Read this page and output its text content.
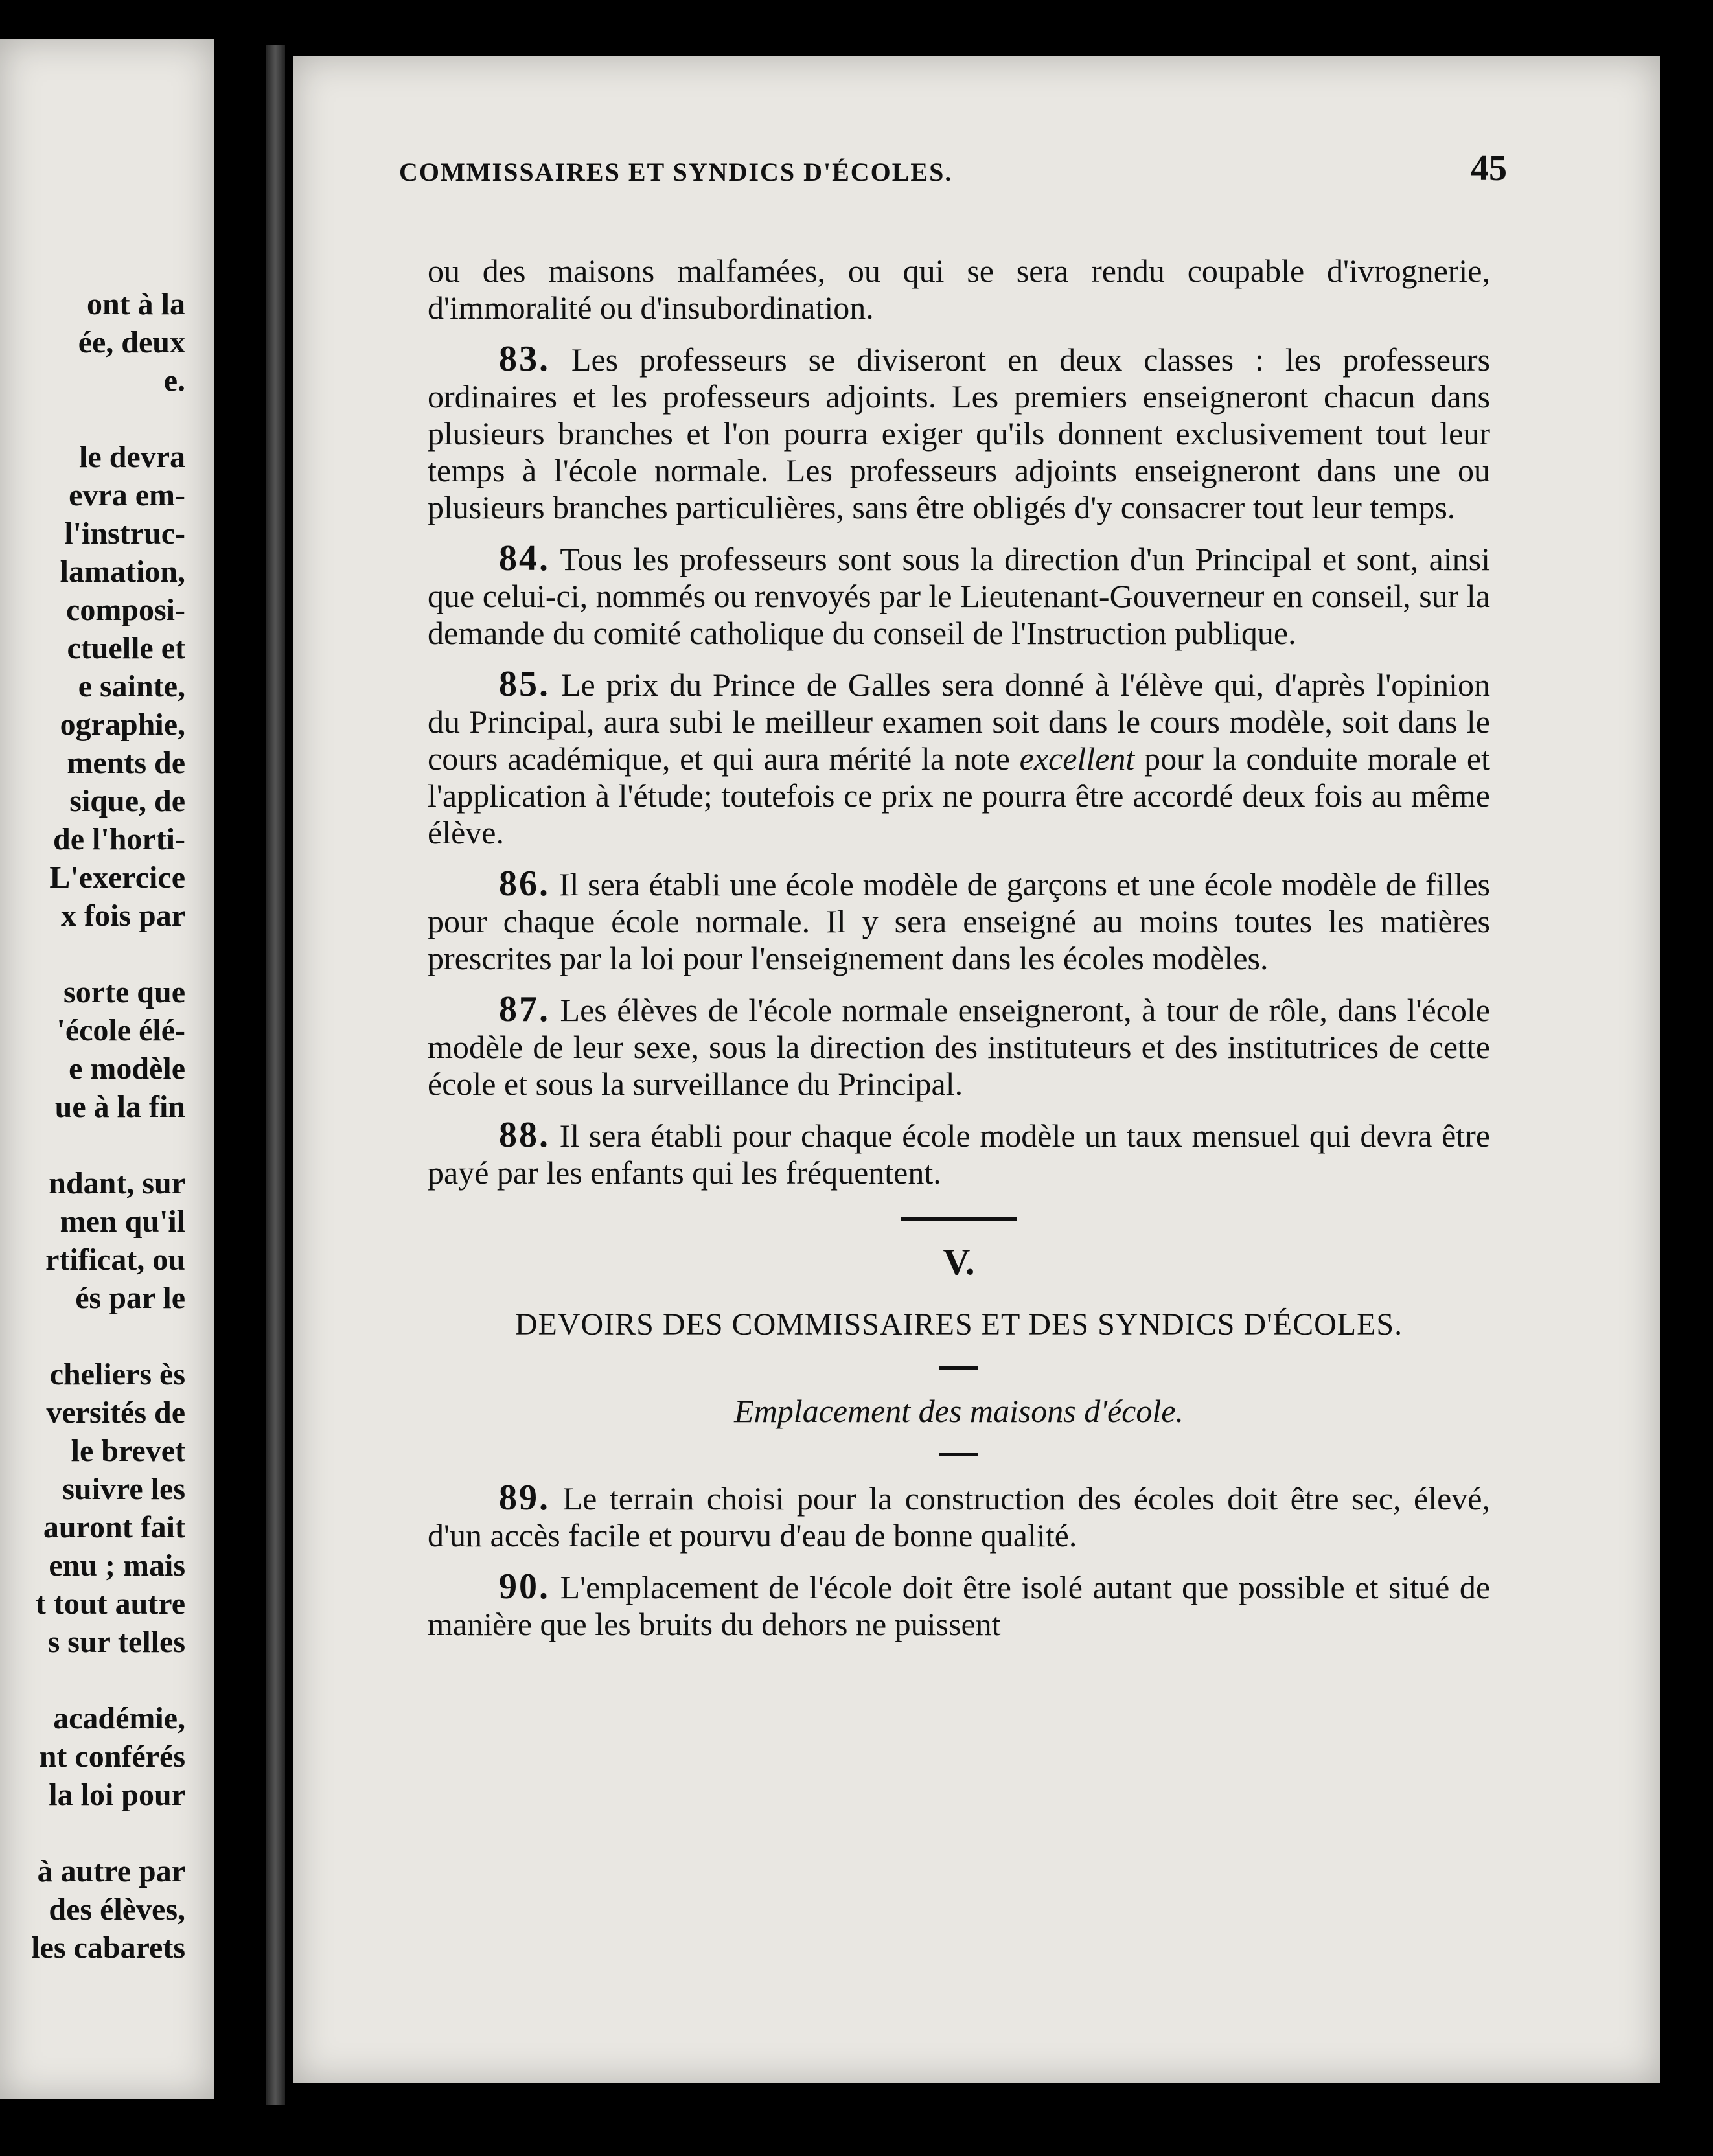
ont à la
ée, deux
e.
le devra
evra em-
l'instruc-
lamation,
composi-
ctuelle et
e sainte,
ographie,
ments de
sique, de
de l'horti-
L'exercice
x fois par
sorte que
'école élé-
e modèle
ue à la fin
ndant, sur
men qu'il
rtificat, ou
és par le
cheliers ès
versités de
le brevet
suivre les
auront fait
enu ; mais
t tout autre
s sur telles
académie,
nt conférés
la loi pour
à autre par
des élèves,
les cabarets
COMMISSAIRES ET SYNDICS D'ÉCOLES.	45

ou des maisons malfamées, ou qui se sera rendu coupable d'ivrognerie, d'immoralité ou d'insubordination.

83. Les professeurs se diviseront en deux classes : les professeurs ordinaires et les professeurs adjoints. Les premiers enseigneront chacun dans plusieurs branches et l'on pourra exiger qu'ils donnent exclusivement tout leur temps à l'école normale. Les professeurs adjoints enseigneront dans une ou plusieurs branches particulières, sans être obligés d'y consacrer tout leur temps.

84. Tous les professeurs sont sous la direction d'un Principal et sont, ainsi que celui-ci, nommés ou renvoyés par le Lieutenant-Gouverneur en conseil, sur la demande du comité catholique du conseil de l'Instruction publique.

85. Le prix du Prince de Galles sera donné à l'élève qui, d'après l'opinion du Principal, aura subi le meilleur examen soit dans le cours modèle, soit dans le cours académique, et qui aura mérité la note excellent pour la conduite morale et l'application à l'étude; toutefois ce prix ne pourra être accordé deux fois au même élève.

86. Il sera établi une école modèle de garçons et une école modèle de filles pour chaque école normale. Il y sera enseigné au moins toutes les matières prescrites par la loi pour l'enseignement dans les écoles modèles.

87. Les élèves de l'école normale enseigneront, à tour de rôle, dans l'école modèle de leur sexe, sous la direction des instituteurs et des institutrices de cette école et sous la surveillance du Principal.

88. Il sera établi pour chaque école modèle un taux mensuel qui devra être payé par les enfants qui les fréquentent.

V.
DEVOIRS DES COMMISSAIRES ET DES SYNDICS D'ÉCOLES.
Emplacement des maisons d'école.

89. Le terrain choisi pour la construction des écoles doit être sec, élevé, d'un accès facile et pourvu d'eau de bonne qualité.

90. L'emplacement de l'école doit être isolé autant que possible et situé de manière que les bruits du dehors ne puissent
